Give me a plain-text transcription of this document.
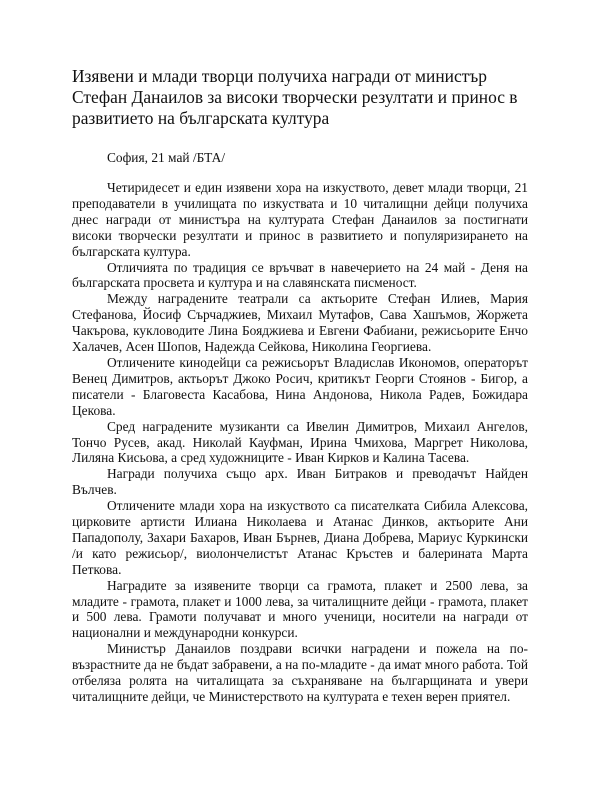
Изявени и млади творци получиха награди от министър Стефан Данаилов за високи творчески резултати и принос в развитието на българската култура

София, 21 май /БТА/

Четиридесет и един изявени хора на изкуството, девет млади творци, 21 преподаватели в училищата по изкуствата и 10 читалищни дейци получиха днес награди от министъра на културата Стефан Данаилов за постигнати високи творчески резултати и принос в развитието и популяризирането на българската култура.

Отличията по традиция се връчват в навечерието на 24 май - Деня на българската просвета и култура и на славянската писменост.

Между наградените театрали са актьорите Стефан Илиев, Мария Стефанова, Йосиф Сърчаджиев, Михаил Мутафов, Сава Хашъмов, Жоржета Чакърова, кукловодите Лина Бояджиева и Евгени Фабиани, режисьорите Енчо Халачев, Асен Шопов, Надежда Сейкова, Николина Георгиева.

Отличените кинодейци са режисьорът Владислав Икономов, операторът Венец Димитров, актьорът Джоко Росич, критикът Георги Стоянов - Бигор, а писатели - Благовеста Касабова, Нина Андонова, Никола Радев, Божидара Цекова.

Сред наградените музиканти са Ивелин Димитров, Михаил Ангелов, Тончо Русев, акад. Николай Кауфман, Ирина Чмихова, Маргрет Николова, Лиляна Кисьова, а сред художниците - Иван Кирков и Калина Тасева.

Награди получиха също арх. Иван Битраков и преводачът Найден Вълчев.

Отличените млади хора на изкуството са писателката Сибила Алексова, цирковите артисти Илиана Николаева и Атанас Динков, актьорите Ани Пападополу, Захари Бахаров, Иван Бърнев, Диана Добрева, Мариус Куркински /и като режисьор/, виолончелистът Атанас Кръстев и балерината Марта Петкова.

Наградите за изявените творци са грамота, плакет и 2500 лева, за младите - грамота, плакет и 1000 лева, за читалищните дейци - грамота, плакет и 500 лева. Грамоти получават и много ученици, носители на награди от национални и международни конкурси.

Министър Данаилов поздрави всички наградени и пожела на по-възрастните да не бъдат забравени, а на по-младите - да имат много работа. Той отбеляза ролята на читалищата за съхраняване на българщината и увери читалищните дейци, че Министерството на културата е техен верен приятел.
